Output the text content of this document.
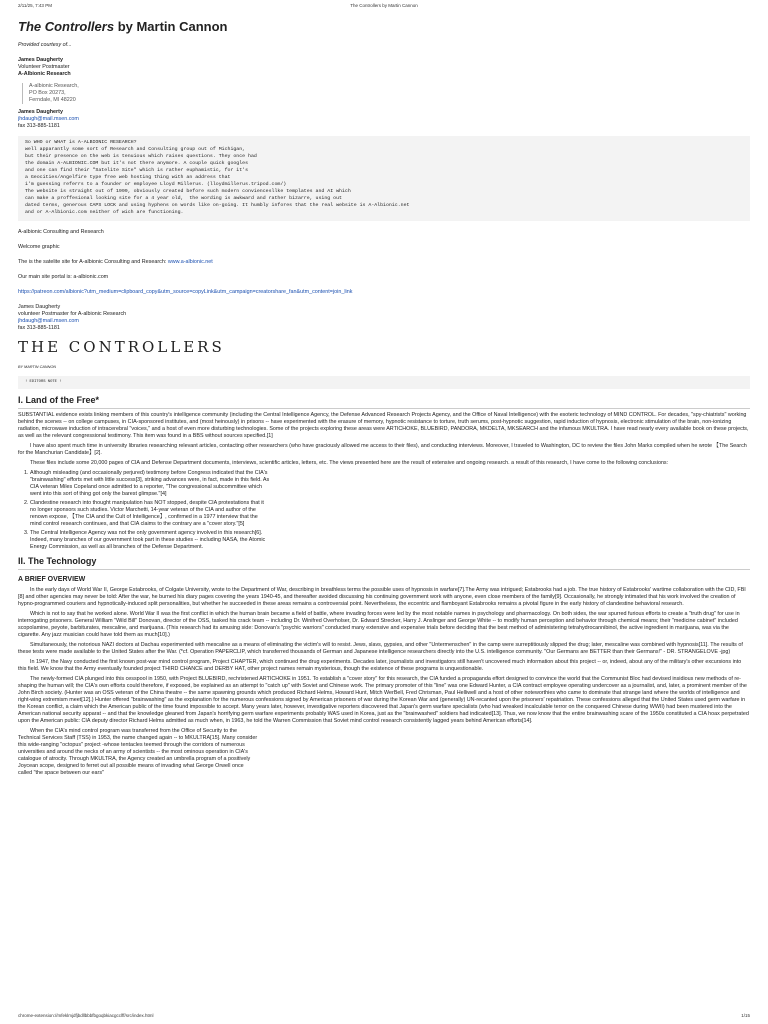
2/11/25, 7:43 PM	The Controllers by Martin Cannon
The Controllers by Martin Cannon

Provided courtesy of...

James Daugherty

Volunteer Postmaster

A-Albionic Research

A-albionic Research,
PO Box 20273,
Ferndale, MI 48220

James Daugherty

jhdaugh@mail.msen.com

fax 313-885-1181

So WHO or WHAT is A-ALBIONIC RESEARCH?
well apparantly some sort of Research and Consulting group out of Michigan,
but their presence on the web is tenuious which raises questions. They once had
the domain A-ALBIONIC.COM but it's not there anymore. A couple quick googles
and one can find their "Satelite Site" which is rather euphamistic, for it's
a Geocities/Angelfire type free web hosting thing with an address that
i'm guessing referrs to a founder or employee Lloyd Millerus. (lloydmillerus.tripod.com/)
The website is straight out of 1999, obviously created before such modern conviencesllke templates and AI which
can make a proffesional looking site for a 4 year old,  the wording is awkward and rather bizarre, using out
dated terms, generous CAPS LOCK and using hyphens on words like on-going. It humbly infores that the real website is A-Albionic.net
and or A-Albionic.com neither of wich are functioning.

A-albionic Consulting and Research

Welcome graphic

The is the satelite site for A-albionic Consulting and Research: www.a-albionic.net

Our main site portal is: a-albionic.com

https://patreon.com/albionic?utm_medium=clipboard_copy&utm_source=copyLink&utm_campaign=creatorshare_fan&utm_content=join_link

James Daugherty

volunteer Postmaster for A-albionic Research

jhdaugh@mail.msen.com

fax 313-885-1181

THE CONTROLLERS

BY MARTIN CANNON

! EDITORS NOTE !
I. Land of the Free*

SUBSTANTIAL evidence exists linking members of this country's intelligence community (including the Central Intelligence Agency, the Defense Advanced Research Projects Agency, and the Office of Naval Intelligence) with the esoteric technology of MIND CONTROL. For decades, "spy-chiatrists" working behind the scenes -- on college campuses, in CIA-sponsored institutes, and (most heinously) in prisons -- have experimented with the erasure of memory, hypnotic resistance to torture, truth serums, post-hypnotic suggestion, rapid induction of hypnosis, electronic stimulation of the brain, non-ionizing radiation, microwave induction of intracerebral "voices," and a host of even more disturbing technologies. Some of the projects exploring these areas were ARTICHOKE, BLUEBIRD, PANDORA, MKDELTA, MKSEARCH and the infamous MKULTRA. I have read nearly every available book on these projects, as well as the relevant congressional testimony. This item was found in a BBS without sources specified.[1]

I have also spent much time in university libraries researching relevant articles, contacting other researchers (who have graciously allowed me access to their files), and conducting interviews. Moreover, I traveled to Washington, DC to review the files John Marks compiled when he wrote 【The Search for the Manchurian Candidate】[2].

These files include some 20,000 pages of CIA and Defense Department documents, interviews, scientific articles, letters, etc. The views presented here are the result of extensive and ongoing research. a result of this research, I have come to the following conclusions:

1. Although misleading (and occasionally perjured) testimony before Congress indicated that the CIA's "brainwashing" efforts met with little success[3], striking advances were, in fact, made in this field. As CIA veteran Miles Copeland once admitted to a reporter, "The congressional subcommittee which went into this sort of thing got only the barest glimpse."[4]
2. Clandestine research into thought manipulation has NOT stopped, despite CIA protestations that it no longer sponsors such studies. Victor Marchetti, 14-year veteran of the CIA and author of the renown expose, 【The CIA and the Cult of Intelligence】, confirmed in a 1977 interview that the mind control research continues, and that CIA claims to the contrary are a "cover story."[5]
3. The Central Intelligence Agency was not the only government agency involved in this research[6]. Indeed, many branches of our government took part in these studies -- including NASA, the Atomic Energy Commission, as well as all branches of the Defense Department.
II. The Technology
A BRIEF OVERVIEW

In the early days of World War II, George Estabrooks, of Colgate University, wrote to the Department of War, describing in breathless terms the possible uses of hypnosis in warfare[7].The Army was intrigued; Estabrooks had a job. The true history of Estabrooks' wartime collaboration with the CID, FBI [8] and other agencies may never be told: After the war, he burned his diary pages covering the years 1940-45, and thereafter avoided discussing his continuing government work with anyone, even close members of the family[9]. Occasionally, he strongly intimated that his work involved the creation of hypno-programmed couriers and hypnotically-induced split personalities, but whether he succeeded in these areas remains a controversial point. Nevertheless, the eccentric and flamboyant Estabrooks remains a pivotal figure in the early history of clandestine behavioral research.

Which is not to say that he worked alone. World War II was the first conflict in which the human brain became a field of battle, where invading forces were led by the most notable names in psychology and pharmacology. On both sides, the war spurred furious efforts to create a "truth drug" for use in interrogating prisoners. General William "Wild Bill" Donovan, director of the OSS, tasked his crack team -- including Dr. Winifred Overholser, Dr. Edward Strecker, Harry J. Anslinger and George White -- to modify human perception and behavior through chemical means; their "medicine cabinet" included scopolamine, peyote, barbiturates, mescaline, and marijuana. (This research had its amusing side: Donovan's "psychic warriors" conducted many extensive and expensive trials before deciding that the best method of administering tetrahydrocannibinol, the active ingredient in marijuana, was via the cigarette. Any jazz musician could have told them as much[10].)

Simultaneously, the notorious NAZI doctors at Dachau experimented with mescaline as a means of eliminating the victim's will to resist. Jews, slavs, gypsies, and other "Untermenschen" in the camp were surreptitiously slipped the drug; later, mescaline was combined with hypnosis[11]. The results of these tests were made available to the United States after the War. (*cf. Operation PAPERCLIP, which transferred thousands of German and Japanese intelligence researchers directly into the U.S. intelligence community. "Our Germans are BETTER than their Germans!" - DR. STRANGELOVE -jpg)

In 1947, the Navy conducted the first known post-war mind control program, Project CHAPTER, which continued the drug experiments. Decades later, journalists and investigators still haven't uncovered much information about this project -- or, indeed, about any of the military's other excursions into this field. We know that the Army eventually founded project THIRD CHANCE and DERBY HAT, other project names remain mysterious, though the existence of these programs is unquestionable.

The newly-formed CIA plunged into this cesspool in 1950, with Project BLUEBIRD, rechristened ARTICHOKE in 1951. To establish a "cover story" for this research, the CIA funded a propaganda effort designed to convince the world that the Communist Bloc had devised insidious new methods of re-shaping the human will; the CIA's own efforts could therefore, if exposed, be explained as an attempt to "catch up" with Soviet and Chinese work. The primary promoter of this "line" was one Edward Hunter, a CIA contract employee operating undercover as a journalist, and, later, a prominent member of the John Birch society. (Hunter was an OSS veteran of the China theatre -- the same spawning grounds which produced Richard Helms, Howard Hunt, Mitch WerBell, Fred Chrisman, Paul Helliwell and a host of other noteworthies who came to dominate that strange land where the worlds of intelligence and right-wing extremism meet[12].) Hunter offered "brainwashing" as the explanation for the numerous confessions signed by American prisoners of war during the Korean War and (generally) UN-recanted upon the prisoners' repatriation. These confessions alleged that the United States used germ warfare in the Korean conflict, a claim which the American public of the time found impossible to accept. Many years later, however, investigative reporters discovered that Japan's germ warfare specialists (who had wreaked incalculable terror on the conquered Chinese during WWII) had been mustered into the American national security apparat -- and that the knowledge gleaned from Japan's horrifying germ warfare experiments probably WAS used in Korea, just as the "brainwashed" soldiers had indicated[13]. Thus, we now know that the entire brainwashing scare of the 1950s constituted a CIA hoax perpetrated upon the American public: CIA deputy director Richard Helms admitted as much when, in 1963, he told the Warren Commission that Soviet mind control research consistently lagged years behind American efforts[14].

When the CIA's mind control program was transferred from the Office of Security to the Technical Services Staff (TSS) in 1953, the name changed again -- to MKULTRA[15]. Many consider this wide-ranging "octopus" project -whose tentacles teemed through the corridors of numerous universities and around the necks of an army of scientists -- the most ominous operation in CIA's catalogue of atrocity. Through MKULTRA, the Agency created an umbrella program of a positively Joycean scope, designed to ferret out all possible means of invading what George Orwell once called "the space between our ears"

chrome-extension://mfeklmjdfjbdllbbbfbgoqbkiacgcclff/src/index.html	1/15
